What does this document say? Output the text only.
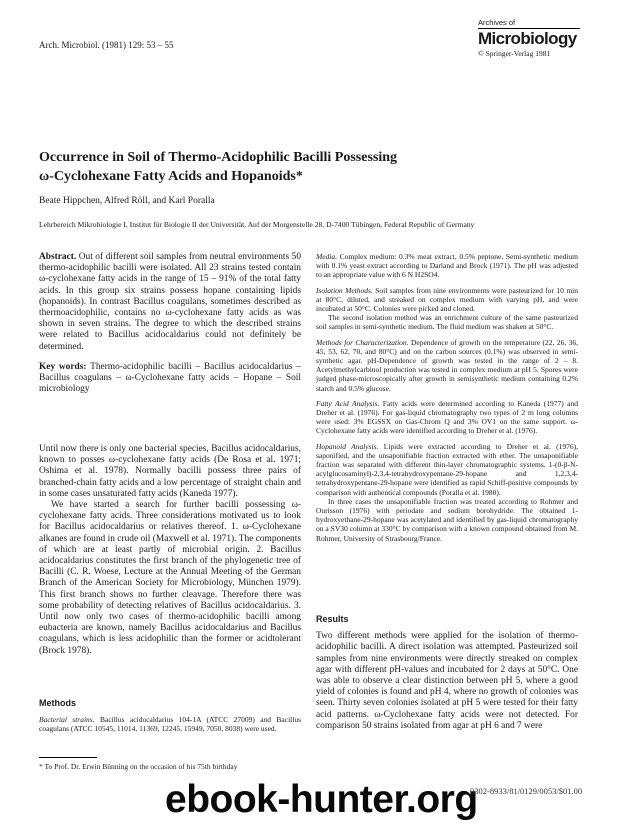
Arch. Microbiol. (1981) 129: 53 – 55
Archives of
Microbiology
© Springer-Verlag 1981
Occurrence in Soil of Thermo-Acidophilic Bacilli Possessing
ω-Cyclohexane Fatty Acids and Hopanoids*
Beate Hippchen, Alfred Röll, and Karl Poralla
Lehrbereich Mikrobiologie I, Institut für Biologie II der Universität, Auf der Morgenstelle 28, D-7400 Tübingen, Federal Republic of Germany

Abstract. Out of different soil samples from neutral environments 50 thermo-acidophilic bacilli were isolated. All 23 strains tested contain ω-cyclohexane fatty acids in the range of 15 – 91% of the total fatty acids. In this group six strains possess hopane containing lipids (hopanoids). In contrast Bacillus coagulans, sometimes described as thermoacidophilic, contains no ω-cyclohexane fatty acids as was shown in seven strains. The degree to which the described strains were related to Bacillus acidocaldarius could not definitely be determined.

Key words: Thermo-acidophilic bacilli – Bacillus acidocaldarius – Bacillus coagulans – ω-Cyclohexane fatty acids – Hopane – Soil microbiology

Until now there is only one bacterial species, Bacillus acidocaldarius, known to posses ω-cyclohexane fatty acids (De Rosa et al. 1971; Oshima et al. 1978). Normally bacilli possess three pairs of branched-chain fatty acids and a low percentage of straight chain and in some cases unsaturated fatty acids (Kaneda 1977).

We have started a search for further bacilli possessing ω-cyclohexane fatty acids. Three considerations motivated us to look for Bacillus acidocaldarius or relatives thereof. 1. ω-Cyclohexane alkanes are found in crude oil (Maxwell et al. 1971). The components of which are at least partly of microbial origin. 2. Bacillus acidocaldarius constitutes the first branch of the phylogenetic tree of Bacilli (C. R. Woese, Lecture at the Annual Meeting of the German Branch of the American Society for Microbiology, München 1979). This first branch shows no further cleavage. Therefore there was some probability of detecting relatives of Bacillus acidocaldarius. 3. Until now only two cases of thermo-acidophilic bacilli among eubacteria are known, namely Bacillus acidocaldarius and Bacillus coagulans, which is less acidophilic than the former or acidtolerant (Brock 1978).

Methods

Bacterial strains. Bacillus acidocaldarius 104-1A (ATCC 27009) and Bacillus coagulans (ATCC 10545, 11014, 11369, 12245, 15949, 7050, 8038) were used.

* To Prof. Dr. Erwin Bünning on the occasion of his 75th birthday

Media. Complex medium: 0.3% meat extract, 0.5% peptone. Semi-synthetic medium with 0.1% yeast extract according to Darland and Brock (1971). The pH was adjusted to an appropriate value with 6 N H2SO4.

Isolation Methods. Soil samples from nine environments were pasteurized for 10 min at 80°C, diluted, and streaked on complex medium with varying pH, and were incubated at 50°C. Colonies were picked and cloned.

The second isolation method was an enrichment culture of the same pasteurized soil samples in semi-synthetic medium. The fluid medium was shaken at 50°C.

Methods for Characterization. Dependence of growth on the temperature (22, 26, 36, 45, 53, 62, 70, and 80°C) and on the carbon sources (0.1%) was observed in semi-synthetic agar. pH-Dependence of growth was tested in the range of 2 – 8. Acetylmethylcarbinol production was tested in complex medium at pH 5. Spores were judged phase-microscopically after growth in semisynthetic medium containing 0.2% starch and 0.5% glucose.

Fatty Acid Analysis. Fatty acids were determined according to Kaneda (1977) and Dreher et al. (1976). For gas-liquid chromatography two types of 2 m long columns were used: 3% EGSSX on Gas-Chrom Q and 3% OV1 on the same support. ω-Cyclohexane fatty acids were identified according to Dreher et al. (1976).

Hopanoid Analysis. Lipids were extracted according to Dreher et al. (1976), saponified, and the unsaponifiable fraction extracted with ether. The unsaponifiable fraction was separated with different thin-layer chromatographic systems. 1-(0-β-N-acylglucosaminyl)-2,3,4-tetrahydroxypentane-29-hopane and 1,2,3,4-tetrahydroxypentane-29-hopane were identified as rapid Schiff-positive compounds by comparison with authentical compounds (Poralla et al. 1980).

In three cases the unsaponifiable fraction was treated according to Rohmer and Ourisson (1976) with periodate and sodium borohydride. The obtained 1-hydroxyethane-29-hopane was acetylated and identified by gas-liquid chromatography on a SV30 column at 330°C by comparison with a known compound obtained from M. Rohmer, University of Strasbourg/France.

Results

Two different methods were applied for the isolation of thermo-acidophilic bacilli. A direct isolation was attempted. Pasteurized soil samples from nine environments were directly streaked on complex agar with different pH-values and incubated for 2 days at 50°C. One was able to observe a clear distinction between pH 5, where a good yield of colonies is found and pH 4, where no growth of colonies was seen. Thirty seven colonies isolated at pH 5 were tested for their fatty acid patterns. ω-Cyclohexane fatty acids were not detected. For comparison 50 strains isolated from agar at pH 6 and 7 were

ebook-hunter.org
0302-8933/81/0129/0053/$01.00
